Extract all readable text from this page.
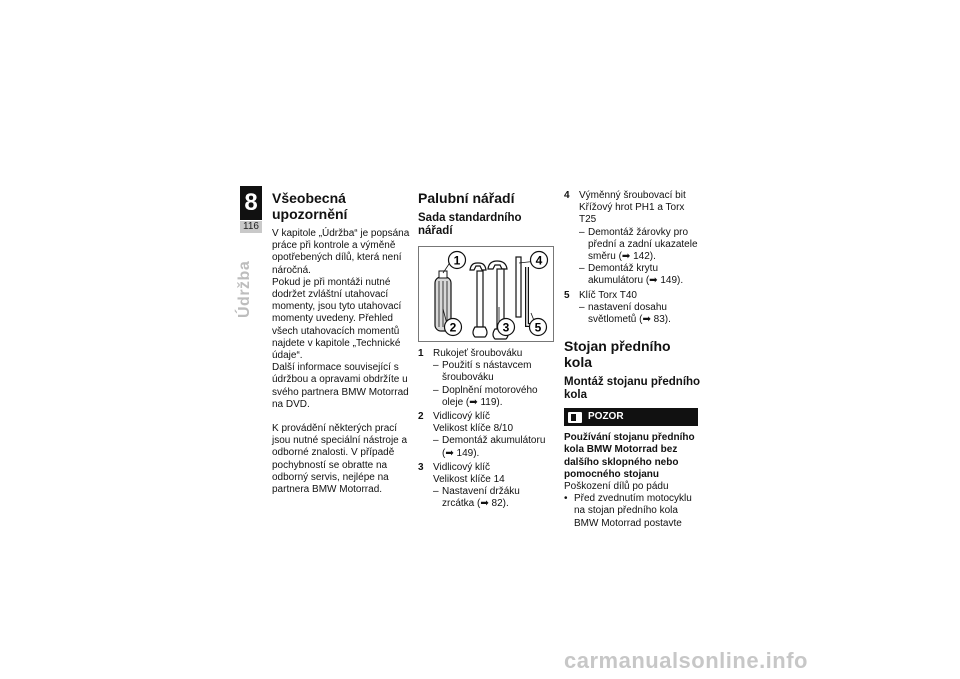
8
116
Údržba
Všeobecná upozornění

V kapitole „Údržba“ je popsána práce při kontrole a výměně opotřebených dílů, která není náročná.

Pokud je při montáži nutné dodržet zvláštní utahovací momenty, jsou tyto utahovací momenty uvedeny. Přehled všech utahovacích momentů najdete v kapitole „Technické údaje“.

Další informace související s údržbou a opravami obdržíte u svého partnera BMW Motorrad na DVD.

K provádění některých prací jsou nutné speciální nástroje a odborné znalosti. V případě pochybností se obratte na odborný servis, nejlépe na partnera BMW Motorrad.

Palubní nářadí
Sada standardního nářadí
1
2	3
4
5
1 Rukojeť šroubováku
– Použití s nástavcem šroubováku
– Doplnění motorového oleje (➡ 119).
2 Vidlicový klíč
Velikost klíče 8/10
– Demontáž akumulátoru (➡ 149).
3 Vidlicový klíč
Velikost klíče 14
– Nastavení držáku zrcátka (➡ 82).
4 Výměnný šroubovací bit
Křížový hrot PH1 a Torx T25
– Demontáž žárovky pro přední a zadní ukazatele směru (➡ 142).
– Demontáž krytu akumulátoru (➡ 149).
5 Klíč Torx T40
– nastavení dosahu světlometů (➡ 83).
Stojan předního kola
Montáž stojanu předního kola
POZOR

Používání stojanu předního kola BMW Motorrad bez dalšího sklopného nebo pomocného stojanu

Poškození dílů po pádu

• Před zvednutím motocyklu na stojan předního kola BMW Motorrad postavte
carmanualsonline.info
